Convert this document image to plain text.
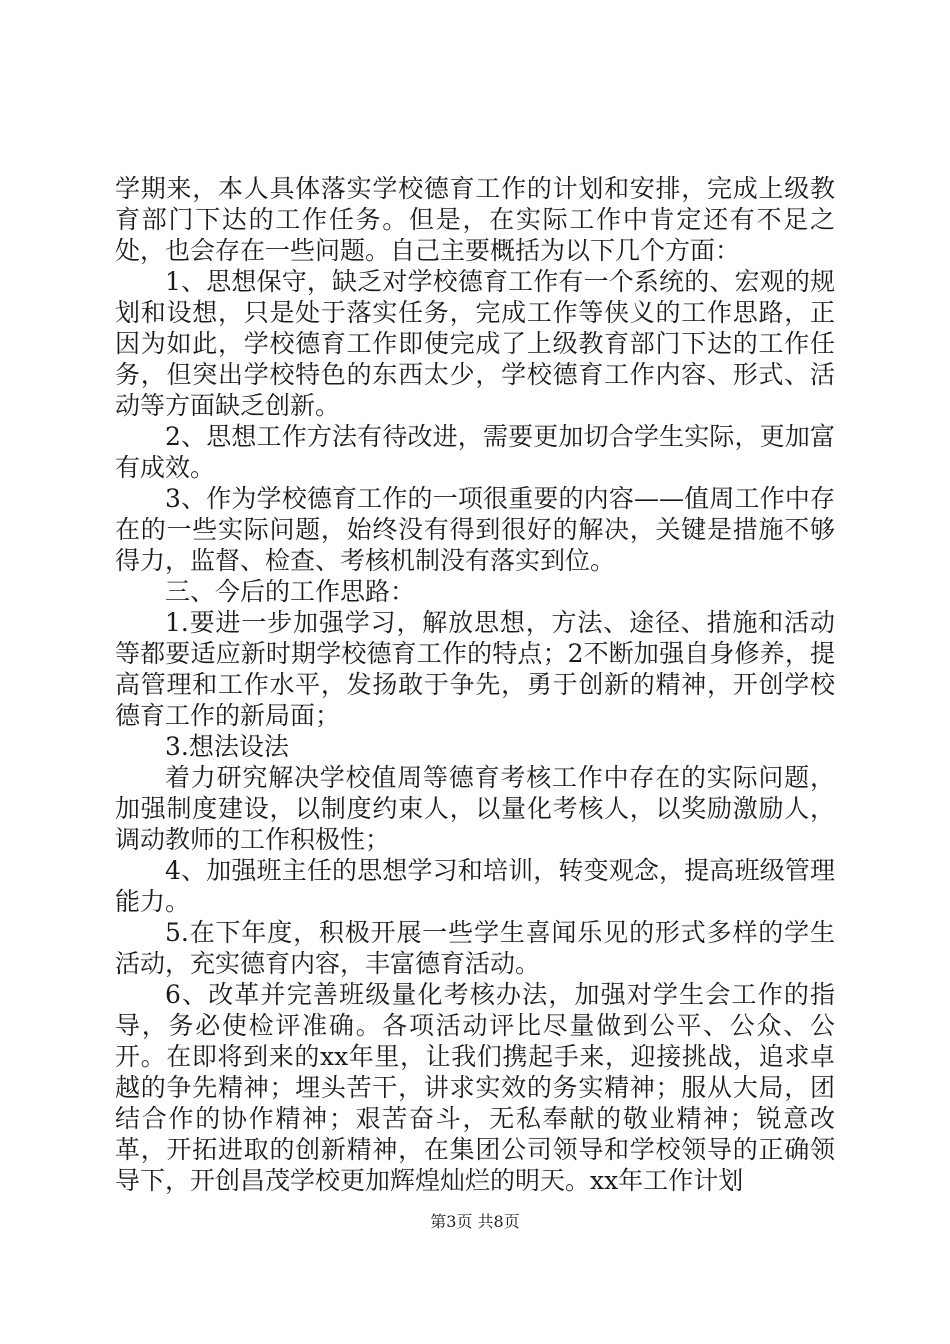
学期来，本人具体落实学校德育工作的计划和安排，完成上级教育部门下达的工作任务。但是，在实际工作中肯定还有不足之处，也会存在一些问题。自己主要概括为以下几个方面：

1、思想保守，缺乏对学校德育工作有一个系统的、宏观的规划和设想，只是处于落实任务，完成工作等侠义的工作思路，正因为如此，学校德育工作即使完成了上级教育部门下达的工作任务，但突出学校特色的东西太少，学校德育工作内容、形式、活动等方面缺乏创新。

2、思想工作方法有待改进，需要更加切合学生实际，更加富有成效。

3、作为学校德育工作的一项很重要的内容——值周工作中存在的一些实际问题，始终没有得到很好的解决，关键是措施不够得力，监督、检查、考核机制没有落实到位。

三、今后的工作思路：

1.要进一步加强学习，解放思想，方法、途径、措施和活动等都要适应新时期学校德育工作的特点；2不断加强自身修养，提高管理和工作水平，发扬敢于争先，勇于创新的精神，开创学校德育工作的新局面；

3.想法设法

着力研究解决学校值周等德育考核工作中存在的实际问题，加强制度建设，以制度约束人，以量化考核人，以奖励激励人，调动教师的工作积极性；

4、加强班主任的思想学习和培训，转变观念，提高班级管理能力。

5.在下年度，积极开展一些学生喜闻乐见的形式多样的学生活动，充实德育内容，丰富德育活动。

6、改革并完善班级量化考核办法，加强对学生会工作的指导，务必使检评准确。各项活动评比尽量做到公平、公众、公开。在即将到来的xx年里，让我们携起手来，迎接挑战，追求卓越的争先精神；埋头苦干，讲求实效的务实精神；服从大局，团结合作的协作精神；艰苦奋斗，无私奉献的敬业精神；锐意改革，开拓进取的创新精神，在集团公司领导和学校领导的正确领导下，开创昌茂学校更加辉煌灿烂的明天。xx年工作计划

第3页 共8页
